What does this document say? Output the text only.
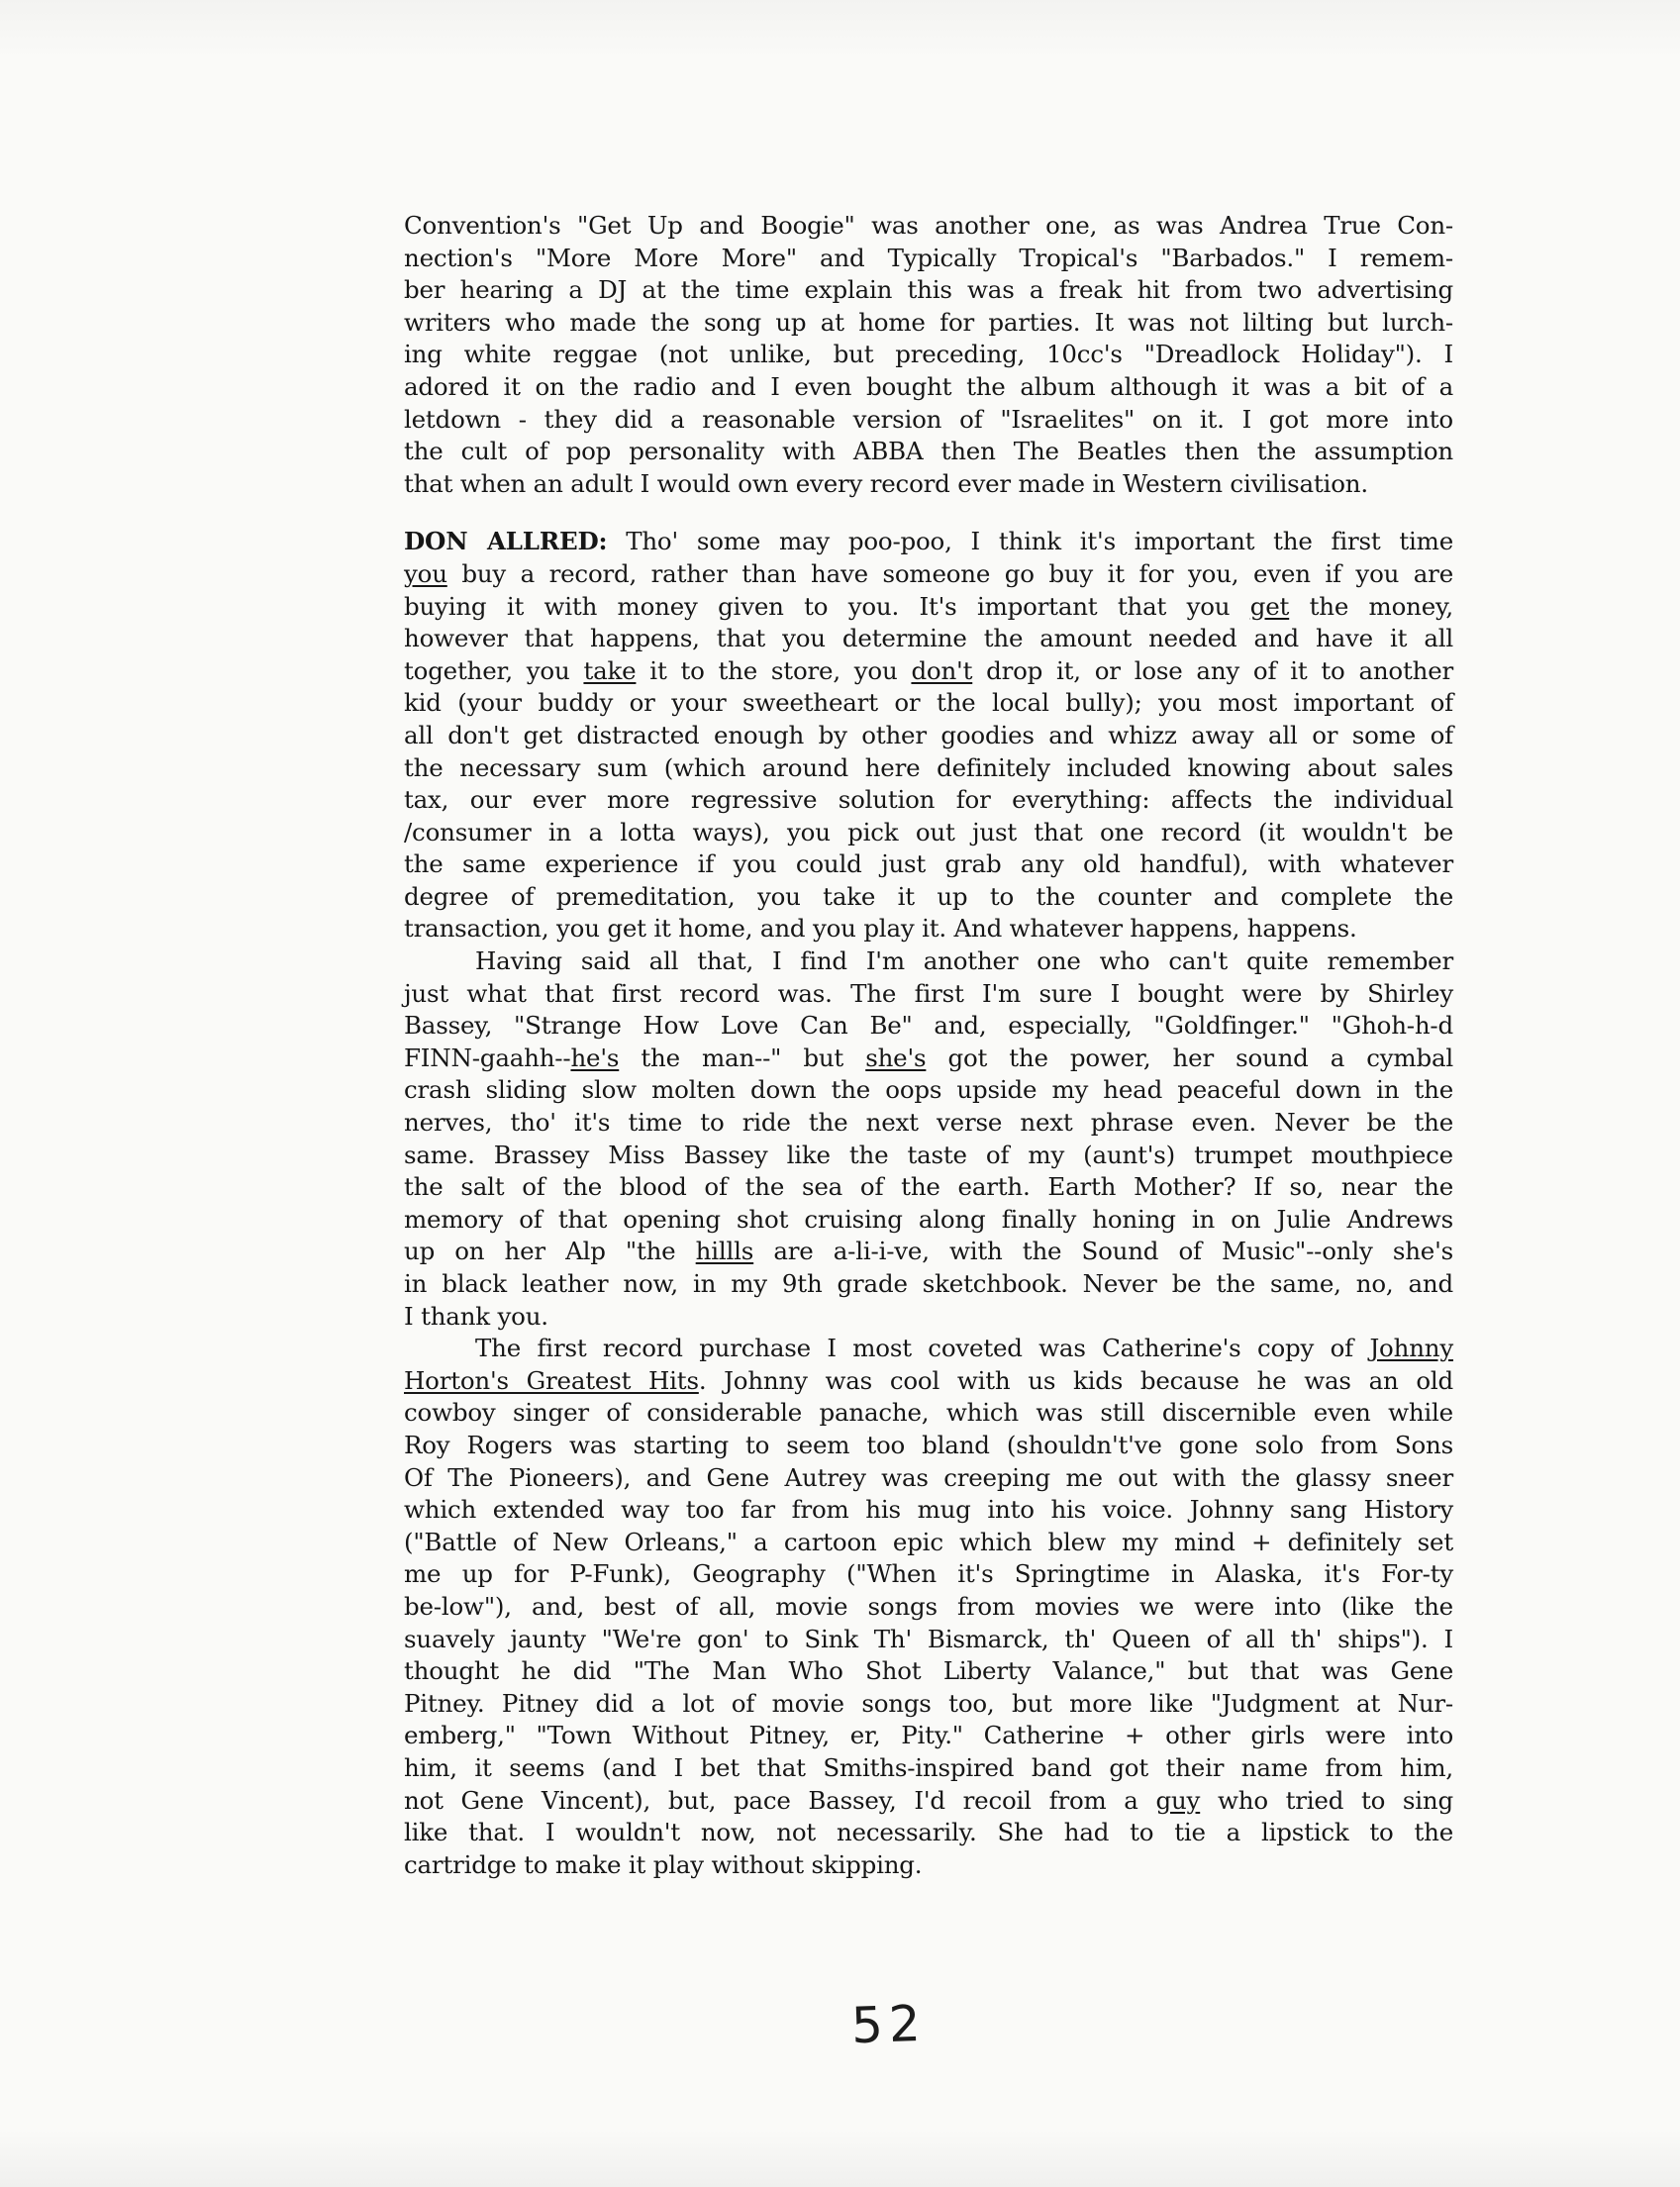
Convention's "Get Up and Boogie" was another one, as was Andrea True Con-
nection's "More More More" and Typically Tropical's "Barbados." I remem-
ber hearing a DJ at the time explain this was a freak hit from two advertising
writers who made the song up at home for parties. It was not lilting but lurch-
ing white reggae (not unlike, but preceding, 10cc's "Dreadlock Holiday"). I
adored it on the radio and I even bought the album although it was a bit of a
letdown - they did a reasonable version of "Israelites" on it. I got more into
the cult of pop personality with ABBA then The Beatles then the assumption
that when an adult I would own every record ever made in Western civilisation.
DON ALLRED: Tho' some may poo-poo, I think it's important the first time
you buy a record, rather than have someone go buy it for you, even if you are
buying it with money given to you. It's important that you get the money,
however that happens, that you determine the amount needed and have it all
together, you take it to the store, you don't drop it, or lose any of it to another
kid (your buddy or your sweetheart or the local bully); you most important of
all don't get distracted enough by other goodies and whizz away all or some of
the necessary sum (which around here definitely included knowing about sales
tax, our ever more regressive solution for everything: affects the individual
/consumer in a lotta ways), you pick out just that one record (it wouldn't be
the same experience if you could just grab any old handful), with whatever
degree of premeditation, you take it up to the counter and complete the
transaction, you get it home, and you play it. And whatever happens, happens.
Having said all that, I find I'm another one who can't quite remember
just what that first record was. The first I'm sure I bought were by Shirley
Bassey, "Strange How Love Can Be" and, especially, "Goldfinger." "Ghoh-h-d
FINN-gaahh--he's the man--" but she's got the power, her sound a cymbal
crash sliding slow molten down the oops upside my head peaceful down in the
nerves, tho' it's time to ride the next verse next phrase even. Never be the
same. Brassey Miss Bassey like the taste of my (aunt's) trumpet mouthpiece
the salt of the blood of the sea of the earth. Earth Mother? If so, near the
memory of that opening shot cruising along finally honing in on Julie Andrews
up on her Alp "the hillls are a-li-i-ve, with the Sound of Music"--only she's
in black leather now, in my 9th grade sketchbook. Never be the same, no, and
I thank you.
The first record purchase I most coveted was Catherine's copy of Johnny
Horton's Greatest Hits. Johnny was cool with us kids because he was an old
cowboy singer of considerable panache, which was still discernible even while
Roy Rogers was starting to seem too bland (shouldn't've gone solo from Sons
Of The Pioneers), and Gene Autrey was creeping me out with the glassy sneer
which extended way too far from his mug into his voice. Johnny sang History
("Battle of New Orleans," a cartoon epic which blew my mind + definitely set
me up for P-Funk), Geography ("When it's Springtime in Alaska, it's For-ty
be-low"), and, best of all, movie songs from movies we were into (like the
suavely jaunty "We're gon' to Sink Th' Bismarck, th' Queen of all th' ships"). I
thought he did "The Man Who Shot Liberty Valance," but that was Gene
Pitney. Pitney did a lot of movie songs too, but more like "Judgment at Nur-
emberg," "Town Without Pitney, er, Pity." Catherine + other girls were into
him, it seems (and I bet that Smiths-inspired band got their name from him,
not Gene Vincent), but, pace Bassey, I'd recoil from a guy who tried to sing
like that. I wouldn't now, not necessarily. She had to tie a lipstick to the
cartridge to make it play without skipping.
52
